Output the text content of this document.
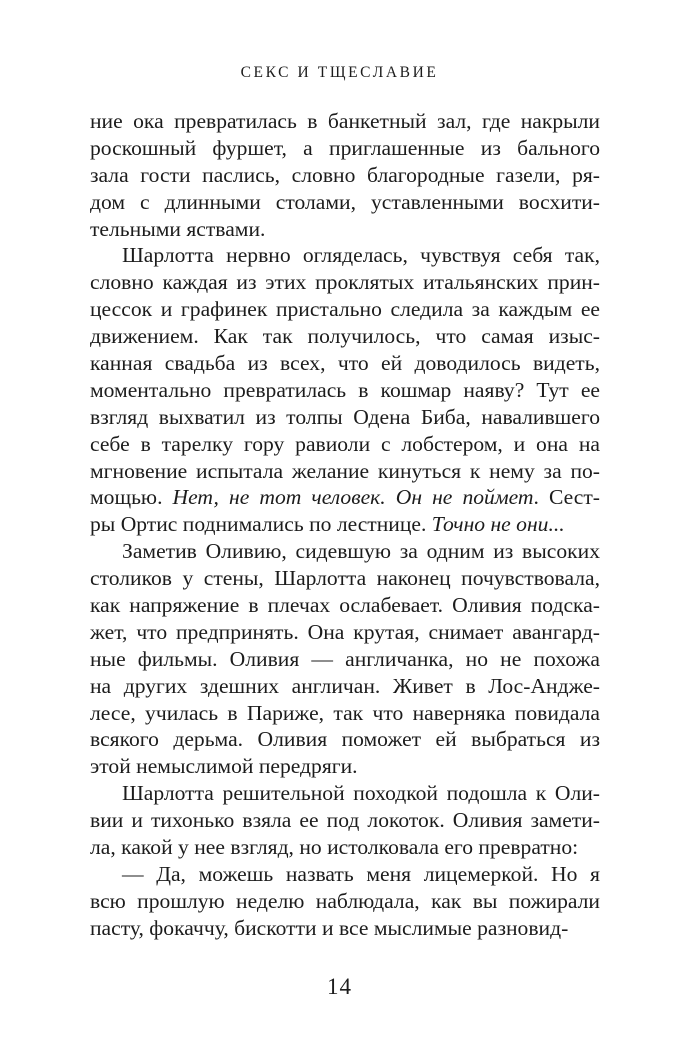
СЕКС И ТЩЕСЛАВИЕ
ние ока превратилась в банкетный зал, где накрыли
роскошный фуршет, а приглашенные из бального
зала гости паслись, словно благородные газели, ря-
дом с длинными столами, уставленными восхити-
тельными яствами.
Шарлотта нервно огляделась, чувствуя себя так,
словно каждая из этих проклятых итальянских прин-
цессок и графинек пристально следила за каждым ее
движением. Как так получилось, что самая изыс-
канная свадьба из всех, что ей доводилось видеть,
моментально превратилась в кошмар наяву? Тут ее
взгляд выхватил из толпы Одена Биба, навалившего
себе в тарелку гору равиоли с лобстером, и она на
мгновение испытала желание кинуться к нему за по-
мощью. Нет, не тот человек. Он не поймет. Сест-
ры Ортис поднимались по лестнице. Точно не они...
Заметив Оливию, сидевшую за одним из высоких
столиков у стены, Шарлотта наконец почувствовала,
как напряжение в плечах ослабевает. Оливия подска-
жет, что предпринять. Она крутая, снимает авангард-
ные фильмы. Оливия — англичанка, но не похожа
на других здешних англичан. Живет в Лос-Андже-
лесе, училась в Париже, так что наверняка повидала
всякого дерьма. Оливия поможет ей выбраться из
этой немыслимой передряги.
Шарлотта решительной походкой подошла к Оли-
вии и тихонько взяла ее под локоток. Оливия замети-
ла, какой у нее взгляд, но истолковала его превратно:
— Да, можешь назвать меня лицемеркой. Но я
всю прошлую неделю наблюдала, как вы пожирали
пасту, фокаччу, бискотти и все мыслимые разновид-
14
